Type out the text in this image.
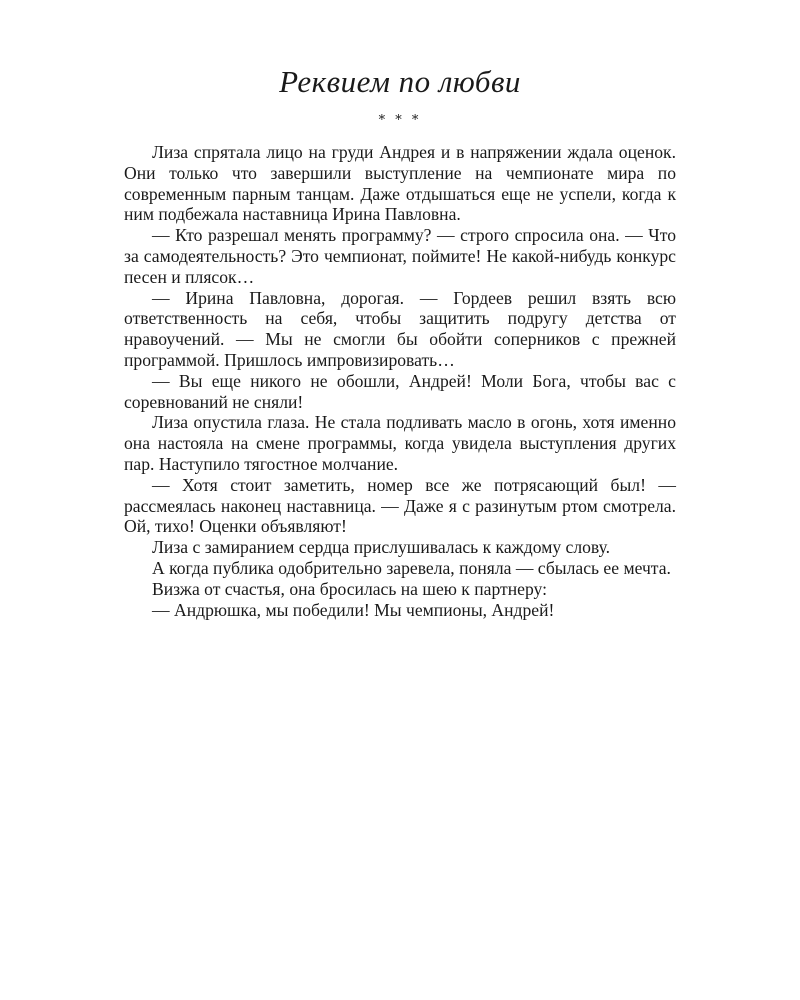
Реквием по любви
* * *

Лиза спрятала лицо на груди Андрея и в напряжении ждала оценок. Они только что завершили выступление на чемпионате мира по современным парным танцам. Даже отдышаться еще не успели, когда к ним подбежала наставница Ирина Павловна.

— Кто разрешал менять программу? — строго спросила она. — Что за самодеятельность? Это чемпионат, поймите! Не какой-нибудь конкурс песен и плясок…

— Ирина Павловна, дорогая. — Гордеев решил взять всю ответственность на себя, чтобы защитить подругу детства от нравоучений. — Мы не смогли бы обойти соперников с прежней программой. Пришлось импровизировать…

— Вы еще никого не обошли, Андрей! Моли Бога, чтобы вас с соревнований не сняли!

Лиза опустила глаза. Не стала подливать масло в огонь, хотя именно она настояла на смене программы, когда увидела выступления других пар. Наступило тягостное молчание.

— Хотя стоит заметить, номер все же потрясающий был! — рассмеялась наконец наставница. — Даже я с разинутым ртом смотрела. Ой, тихо! Оценки объявляют!

Лиза с замиранием сердца прислушивалась к каждому слову.

А когда публика одобрительно заревела, поняла — сбылась ее мечта.

Визжа от счастья, она бросилась на шею к партнеру:

— Андрюшка, мы победили! Мы чемпионы, Андрей!
